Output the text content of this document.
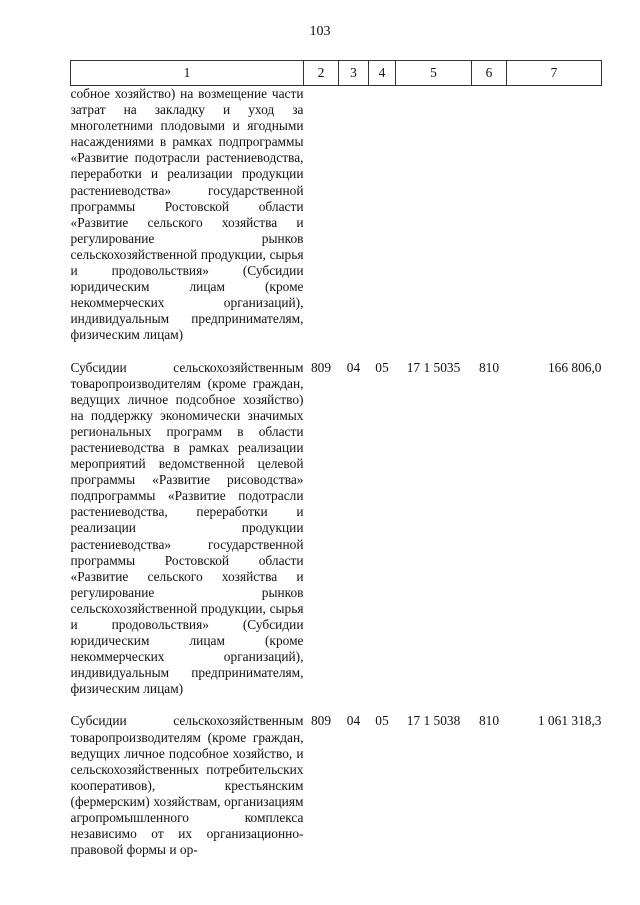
103
1	2	3	4	5	6	7
собное хозяйство) на возмещение части затрат на закладку и уход за многолетними плодовыми и ягодными насаждениями в рамках подпрограммы «Развитие подотрасли растениеводства, переработки и реализации продукции растениеводства» государственной программы Ростовской области «Развитие сельского хозяйства и регулирование рынков сельскохозяйственной продукции, сырья и продовольствия» (Субсидии юридическим лицам (кроме некоммерческих организаций), индивидуальным предпринимателям, физическим лицам)						

Субсидии сельскохозяйственным товаропроизводителям (кроме граждан, ведущих личное подсобное хозяйство) на поддержку экономически значимых региональных программ в области растениеводства в рамках реализации мероприятий ведомственной целевой программы «Развитие рисоводства» подпрограммы «Развитие подотрасли растениеводства, переработки и реализации продукции растениеводства» государственной программы Ростовской области «Развитие сельского хозяйства и регулирование рынков сельскохозяйственной продукции, сырья и продовольствия» (Субсидии юридическим лицам (кроме некоммерческих организаций), индивидуальным предпринимателям, физическим лицам)	809	04	05	17 1 5035	810	166 806,0

Субсидии сельскохозяйственным товаропроизводителям (кроме граждан, ведущих личное подсобное хозяйство, и сельскохозяйственных потребительских кооперативов), крестьянским (фермерским) хозяйствам, организациям агропромышленного комплекса независимо от их организационно-правовой формы и ор-	809	04	05	17 1 5038	810	1 061 318,3
